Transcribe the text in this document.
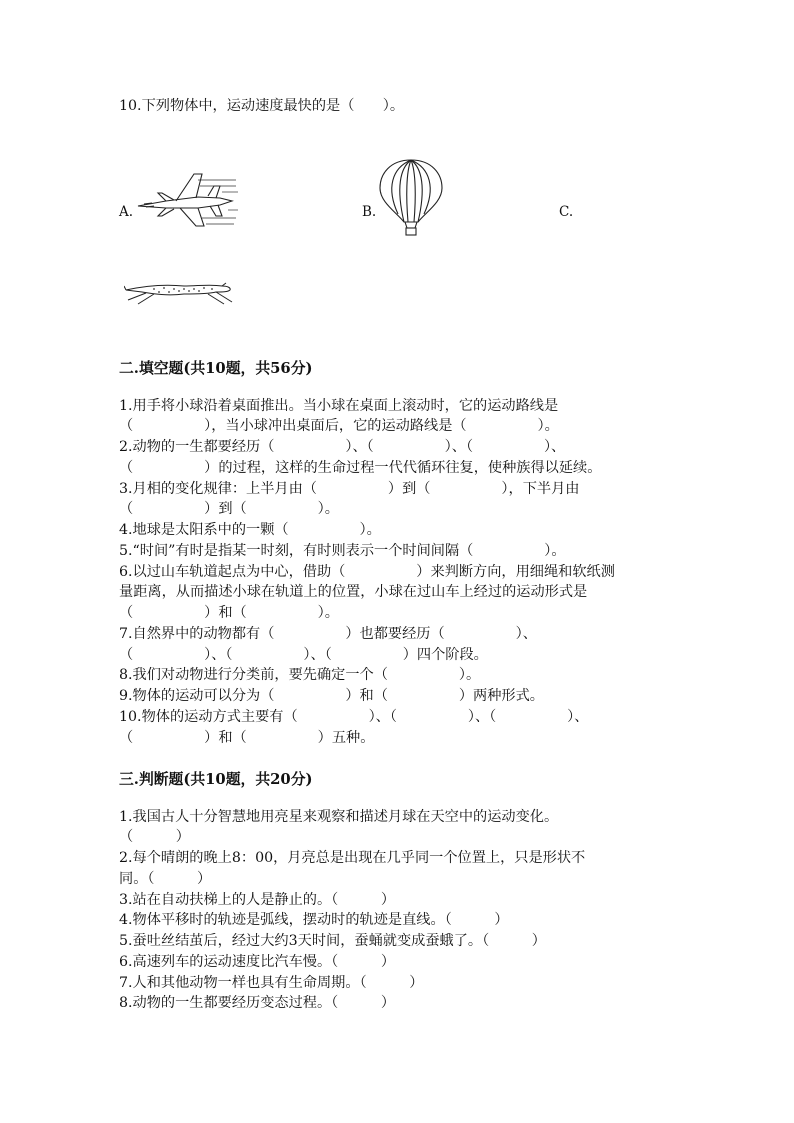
10.下列物体中，运动速度最快的是（　　）。
A.	B.	C.
二.填空题(共10题，共56分)
1.用手将小球沿着桌面推出。当小球在桌面上滚动时，它的运动路线是
（　　　　　），当小球冲出桌面后，它的运动路线是（　　　　　）。
2.动物的一生都要经历（　　　　　）、（　　　　　）、（　　　　　）、
（　　　　　）的过程，这样的生命过程一代代循环往复，使种族得以延续。
3.月相的变化规律：上半月由（　　　　　）到（　　　　　），下半月由
（　　　　　）到（　　　　　）。
4.地球是太阳系中的一颗（　　　　　）。
5.“时间”有时是指某一时刻，有时则表示一个时间间隔（　　　　　）。
6.以过山车轨道起点为中心，借助（　　　　　）来判断方向，用细绳和软纸测
量距离，从而描述小球在轨道上的位置，小球在过山车上经过的运动形式是
（　　　　　）和（　　　　　）。
7.自然界中的动物都有（　　　　　）也都要经历（　　　　　）、
（　　　　　）、（　　　　　）、（　　　　　）四个阶段。
8.我们对动物进行分类前，要先确定一个（　　　　　）。
9.物体的运动可以分为（　　　　　）和（　　　　　）两种形式。
10.物体的运动方式主要有（　　　　　）、（　　　　　）、（　　　　　）、
（　　　　　）和（　　　　　）五种。
三.判断题(共10题，共20分)
1.我国古人十分智慧地用亮星来观察和描述月球在天空中的运动变化。
（　　　）
2.每个晴朗的晚上8：00，月亮总是出现在几乎同一个位置上，只是形状不
同。（　　　）
3.站在自动扶梯上的人是静止的。（　　　）
4.物体平移时的轨迹是弧线，摆动时的轨迹是直线。（　　　）
5.蚕吐丝结茧后，经过大约3天时间，蚕蛹就变成蚕蛾了。（　　　）
6.高速列车的运动速度比汽车慢。（　　　）
7.人和其他动物一样也具有生命周期。（　　　）
8.动物的一生都要经历变态过程。（　　　）
